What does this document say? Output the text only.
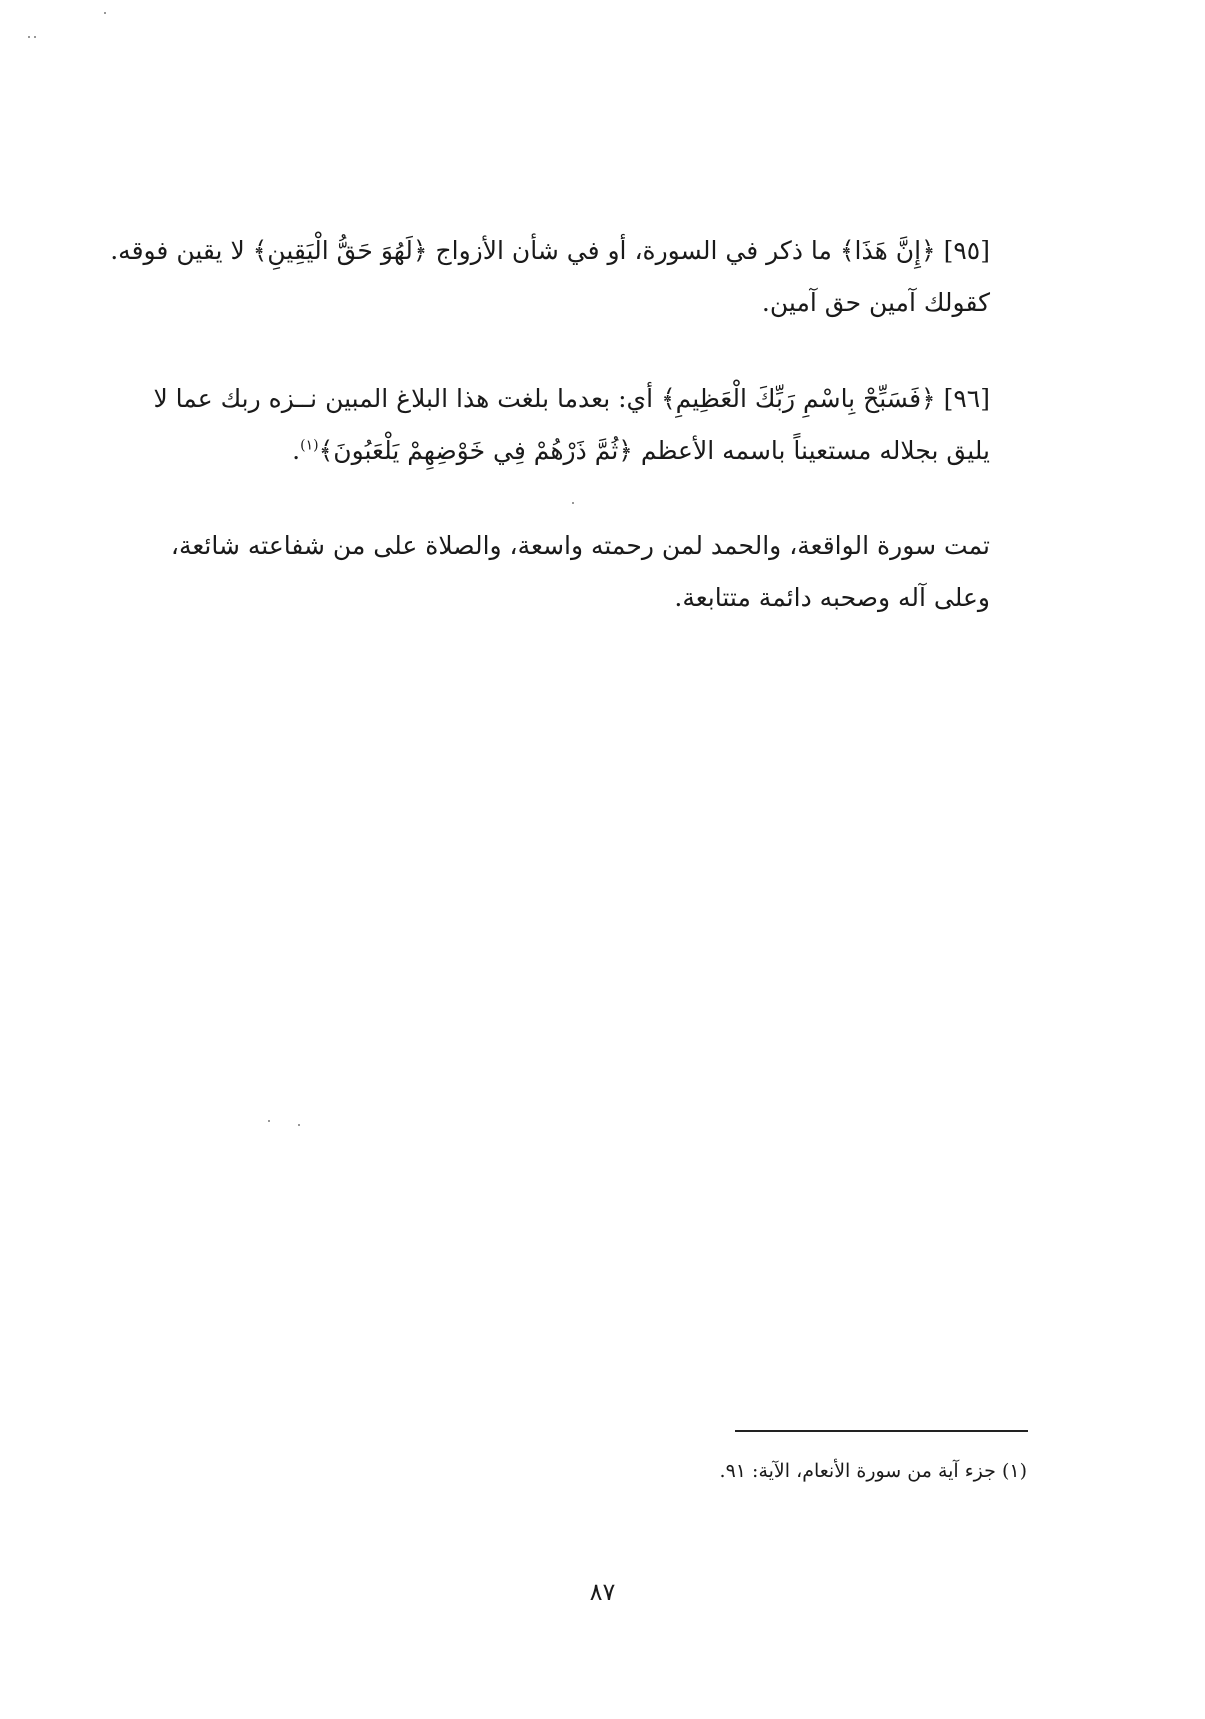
[٩٥] ﴿إِنَّ هَذَا﴾ ما ذكر في السورة، أو في شأن الأزواج ﴿لَهُوَ حَقُّ الْيَقِينِ﴾ لا يقين فوقه. كقولك آمين حق آمين.

[٩٦] ﴿فَسَبِّحْ بِاسْمِ رَبِّكَ الْعَظِيمِ﴾ أي: بعدما بلغت هذا البلاغ المبين نــزه ربك عما لا يليق بجلاله مستعيناً باسمه الأعظم ﴿ثُمَّ ذَرْهُمْ فِي خَوْضِهِمْ يَلْعَبُونَ﴾$^{(١)}$.

تمت سورة الواقعة، والحمد لمن رحمته واسعة، والصلاة على من شفاعته شائعة، وعلى آله وصحبه دائمة متتابعة.

(١) جزء آية من سورة الأنعام، الآية: ٩١.
٨٧
